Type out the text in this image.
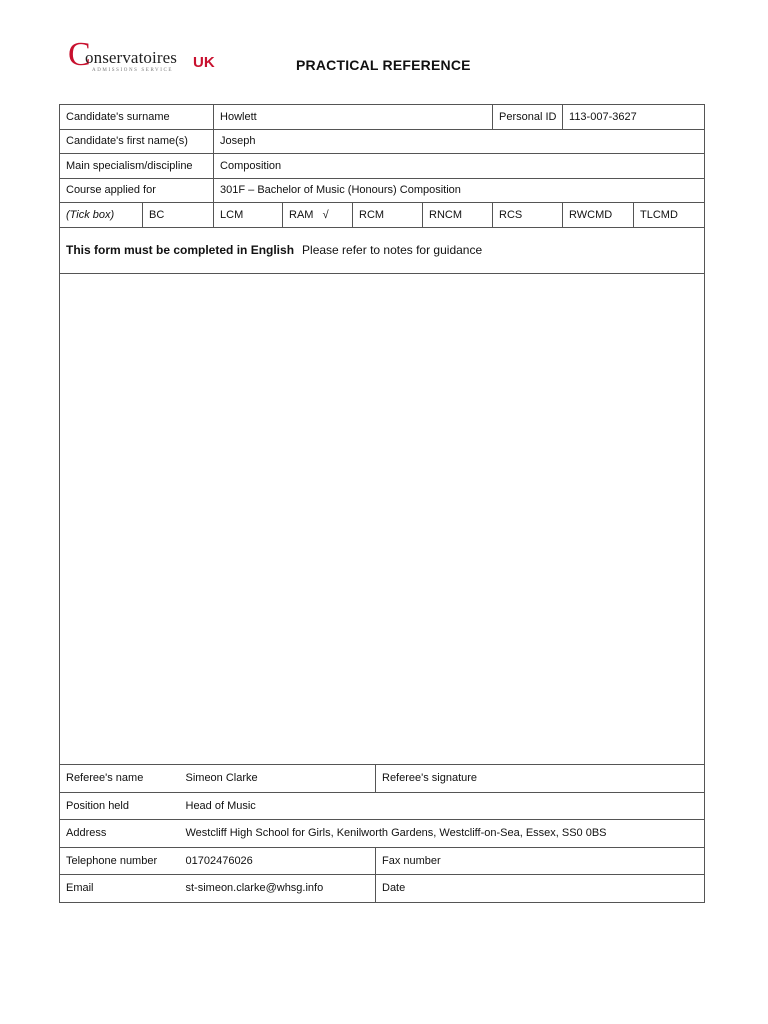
C
onservatoires UK
ADMISSIONS SERVICE	PRACTICAL REFERENCE
Candidate's surname		Howlett				Personal ID	113-007-3627	
Candidate's first name(s)		Joseph						
Main specialism/discipline		Composition						
Course applied for		301F – Bachelor of Music (Honours) Composition						
(Tick box)	BC	LCM	RAM   √	RCM	RNCM	RCS	RWCMD	TLCMD
This form must be completed in English Please refer to notes for guidance								

Referee's name	Simeon Clarke	Referee's signature
Position held	Head of Music	
Address	Westcliff High School for Girls, Kenilworth Gardens, Westcliff-on-Sea, Essex, SS0 0BS	
Telephone number	01702476026	Fax number
Email	st-simeon.clarke@whsg.info	Date
